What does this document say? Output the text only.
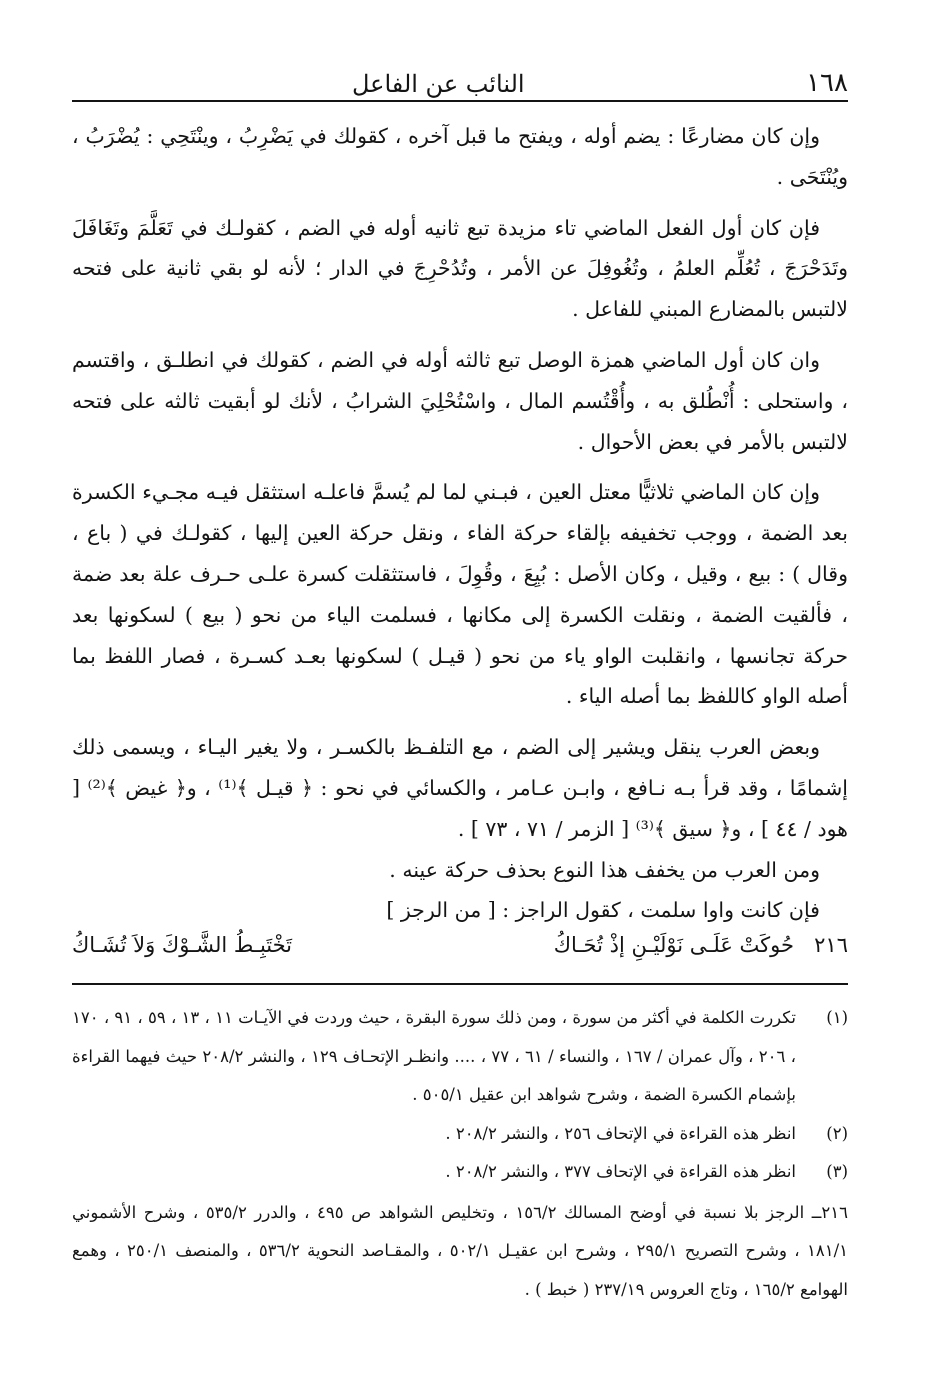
١٦٨
النائب عن الفاعل

وإن كان مضارعًا : يضم أوله ، ويفتح ما قبل آخره ، كقولك في يَضْرِبُ ، وينْتَحِي : يُضْرَبُ ، ويُنْتَحَى .

فإن كان أول الفعل الماضي تاء مزيدة تبع ثانيه أوله في الضم ، كقولـك في تَعَلَّمَ وتَغَافَلَ وتَدَحْرَجَ ، تُعُلِّم العلمُ ، وتُغُوفِلَ عن الأمر ، وتُدُحْرِجَ في الدار ؛ لأنه لو بقي ثانية على فتحه لالتبس بالمضارع المبني للفاعل .

وان كان أول الماضي همزة الوصل تبع ثالثه أوله في الضم ، كقولك في انطلـق ، واقتسم ، واستحلى : أُنْطُلق به ، وأُقْتُسم المال ، واسْتُحْلِيَ الشرابُ ، لأنك لو أبقيت ثالثه على فتحه لالتبس بالأمر في بعض الأحوال .

وإن كان الماضي ثلاثيًّا معتل العين ، فبـني لما لم يُسمَّ فاعلـه استثقل فيـه مجـيء الكسرة بعد الضمة ، ووجب تخفيفه بإلقاء حركة الفاء ، ونقل حركة العين إليها ، كقولـك في ( باع ، وقال ) : بيع ، وقيل ، وكان الأصل : بُيِعَ ، وقُوِلَ ، فاستثقلت كسرة علـى حـرف علة بعد ضمة ، فألقيت الضمة ، ونقلت الكسرة إلى مكانها ، فسلمت الياء من نحو ( بيع ) لسكونها بعد حركة تجانسها ، وانقلبت الواو ياء من نحو ( قيـل ) لسكونها بعـد كسـرة ، فصار اللفظ بما أصله الواو كاللفظ بما أصله الياء .

وبعض العرب ينقل ويشير إلى الضم ، مع التلفـظ بالكسـر ، ولا يغير اليـاء ، ويسمى ذلك إشمامًا ، وقد قرأ بـه نـافع ، وابـن عـامر ، والكسائي في نحو : ﴿ قيـل ﴾⁽¹⁾ ، و﴿ غيض ﴾⁽²⁾ [ هود / ٤٤ ] ، و﴿ سيق ﴾⁽³⁾ [ الزمر / ٧١ ، ٧٣ ] .

ومن العرب من يخفف هذا النوع بحذف حركة عينه .

فإن كانت واوا سلمت ، كقول الراجز : [ من الرجز ]

٢١٦
حُوكَتْ عَلَـى نَوْلَيْـنِ إذْ تُحَـاكُ
تَخْتَبِـطُ الشَّـوْكَ وَلاَ تُشَـاكُ
(١)
تكررت الكلمة في أكثر من سورة ، ومن ذلك سورة البقرة ، حيث وردت في الآيـات ١١ ، ١٣ ، ٥٩ ، ٩١ ، ١٧٠ ، ٢٠٦ ، وآل عمران / ١٦٧ ، والنساء / ٦١ ، ٧٧ ، .... وانظـر الإتحـاف ١٢٩ ، والنشر ٢٠٨/٢ حيث فيهما القراءة بإشمام الكسرة الضمة ، وشرح شواهد ابن عقيل ٥٠٥/١ .
(٢)
انظر هذه القراءة في الإتحاف ٢٥٦ ، والنشر ٢٠٨/٢ .
(٣)
انظر هذه القراءة في الإتحاف ٣٧٧ ، والنشر ٢٠٨/٢ .

٢١٦ــ الرجز بلا نسبة في أوضح المسالك ١٥٦/٢ ، وتخليص الشواهد ص ٤٩٥ ، والدرر ٥٣٥/٢ ، وشرح الأشموني ١٨١/١ ، وشرح التصريح ٢٩٥/١ ، وشرح ابن عقيـل ٥٠٢/١ ، والمقـاصد النحوية ٥٣٦/٢ ، والمنصف ٢٥٠/١ ، وهمع الهوامع ١٦٥/٢ ، وتاج العروس ٢٣٧/١٩ ( خبط ) .
